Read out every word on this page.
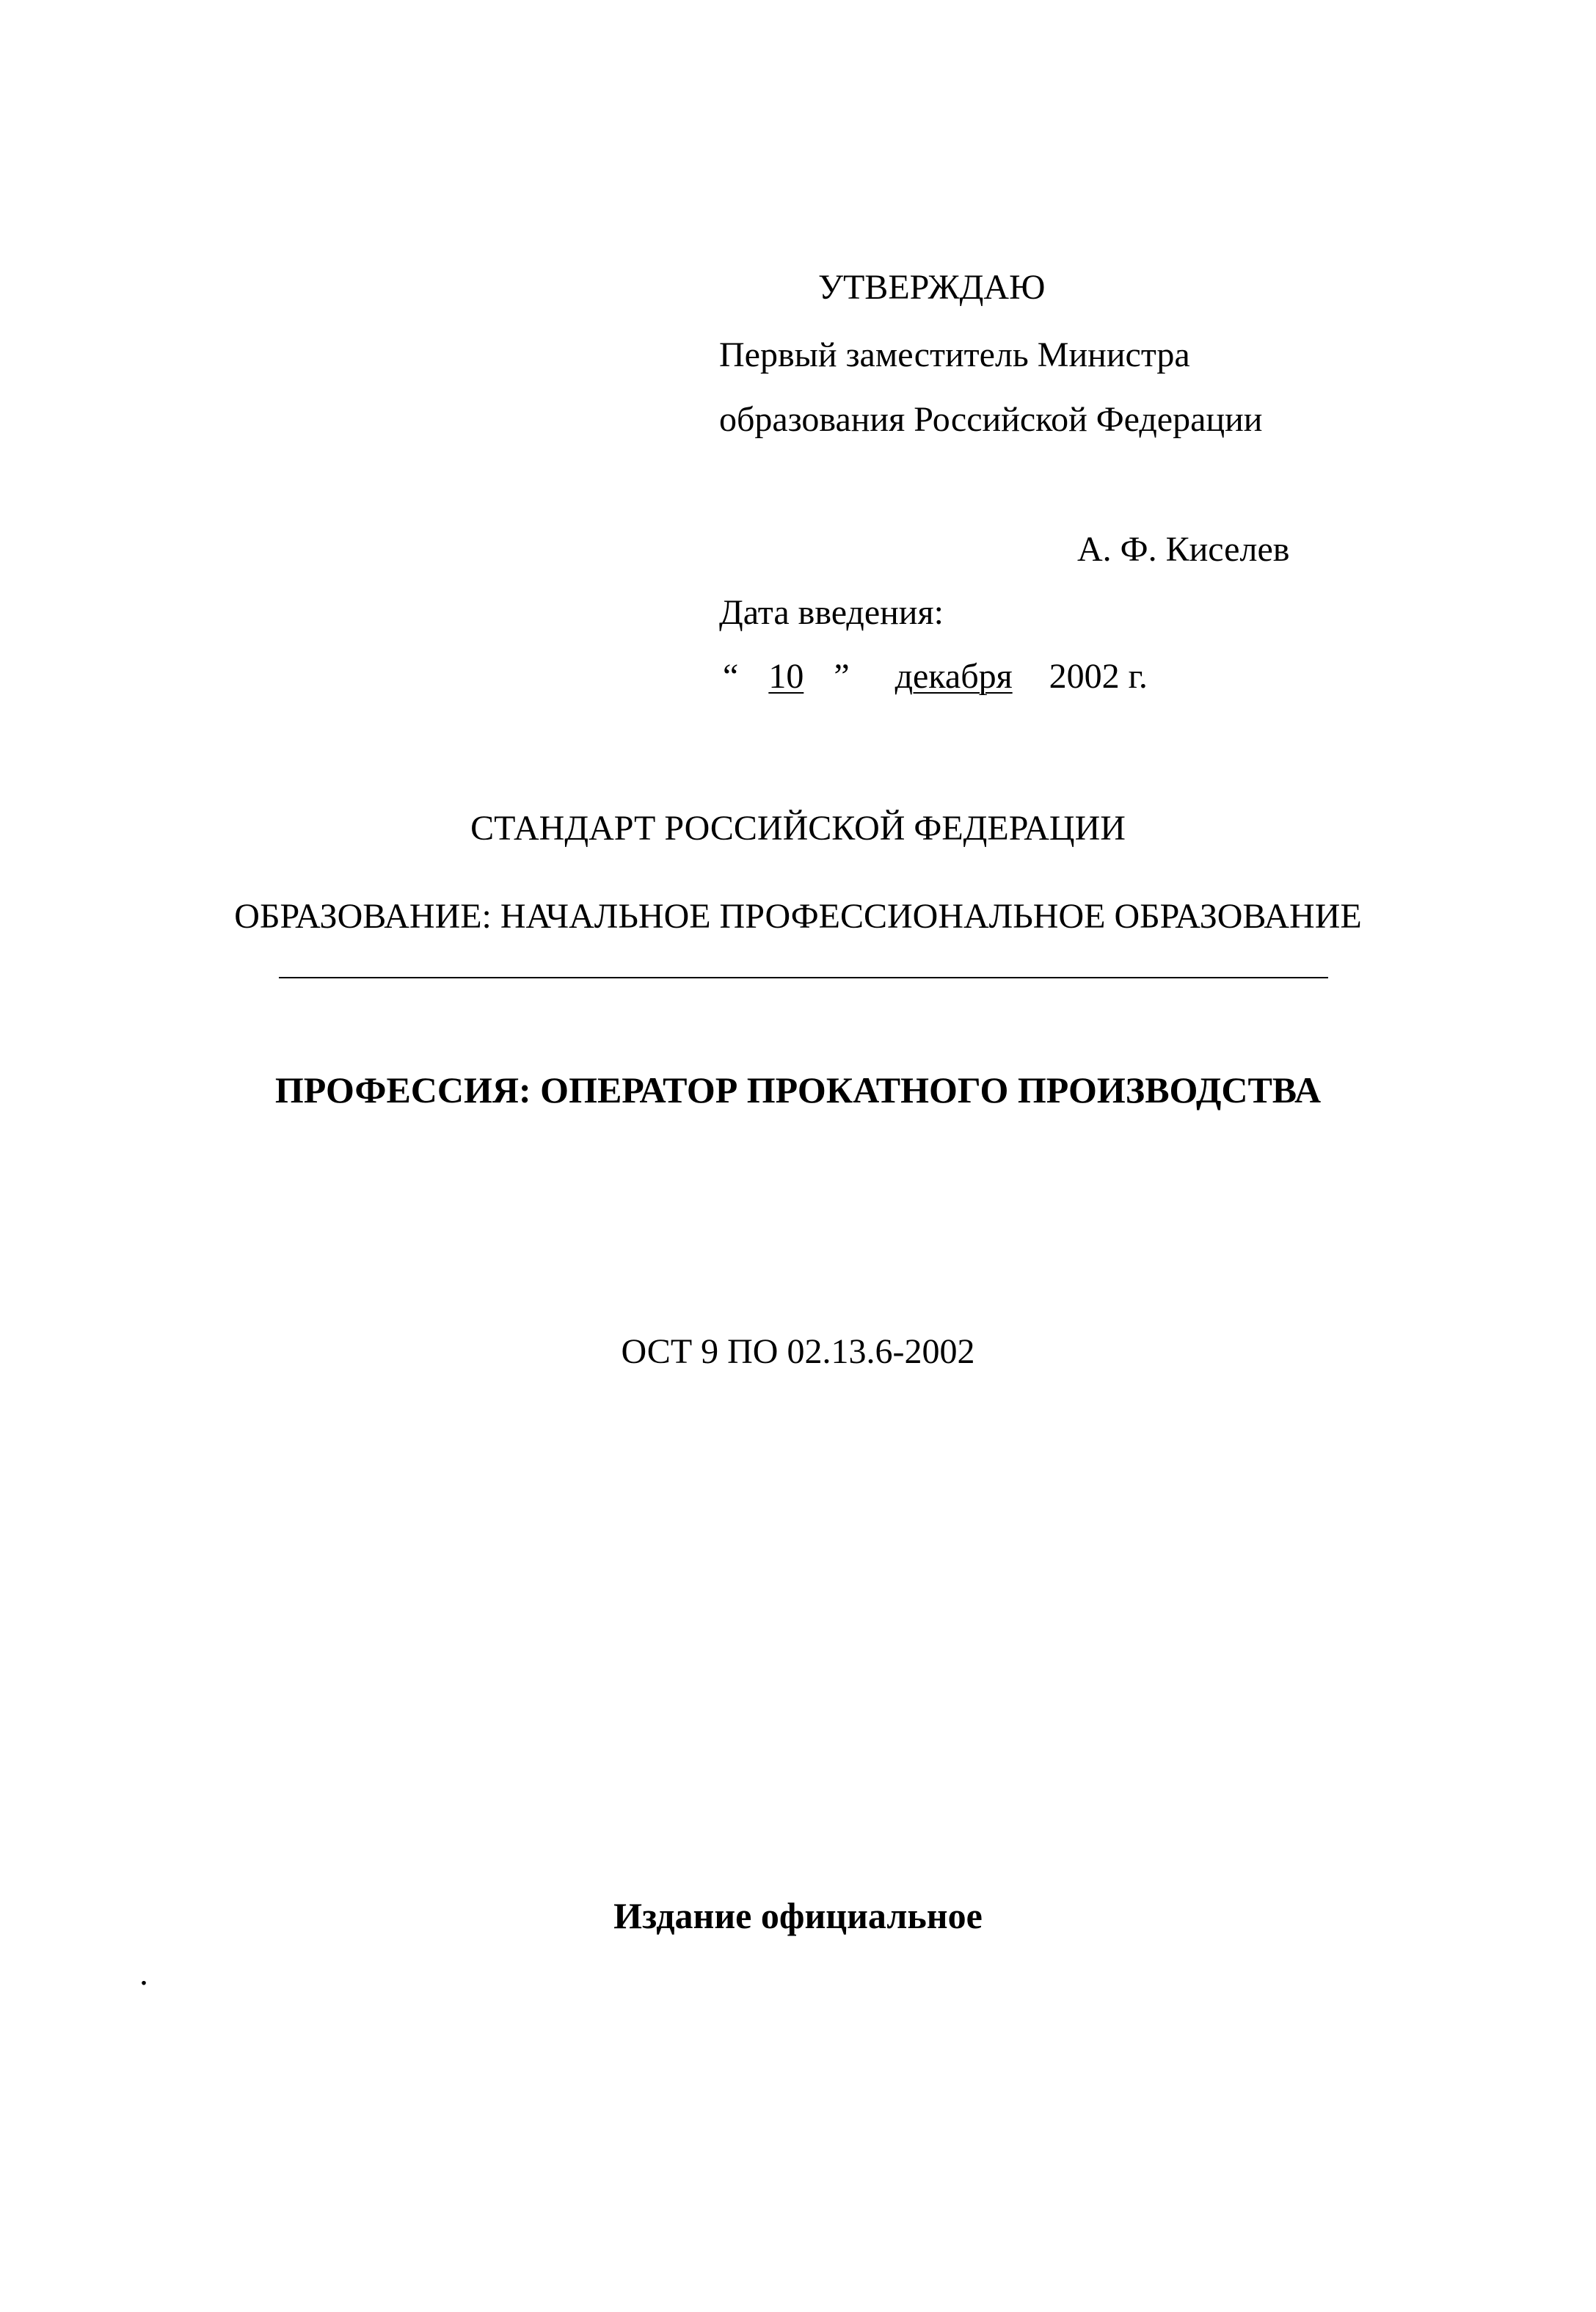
УТВЕРЖДАЮ
Первый заместитель Министра
образования Российской Федерации
А. Ф. Киселев
Дата введения:
“ 10 ” декабря 2002 г.
СТАНДАРТ РОССИЙСКОЙ ФЕДЕРАЦИИ
ОБРАЗОВАНИЕ: НАЧАЛЬНОЕ ПРОФЕССИОНАЛЬНОЕ ОБРАЗОВАНИЕ
ПРОФЕССИЯ: ОПЕРАТОР ПРОКАТНОГО ПРОИЗВОДСТВА
ОСТ 9 ПО 02.13.6-2002
Издание официальное
.
